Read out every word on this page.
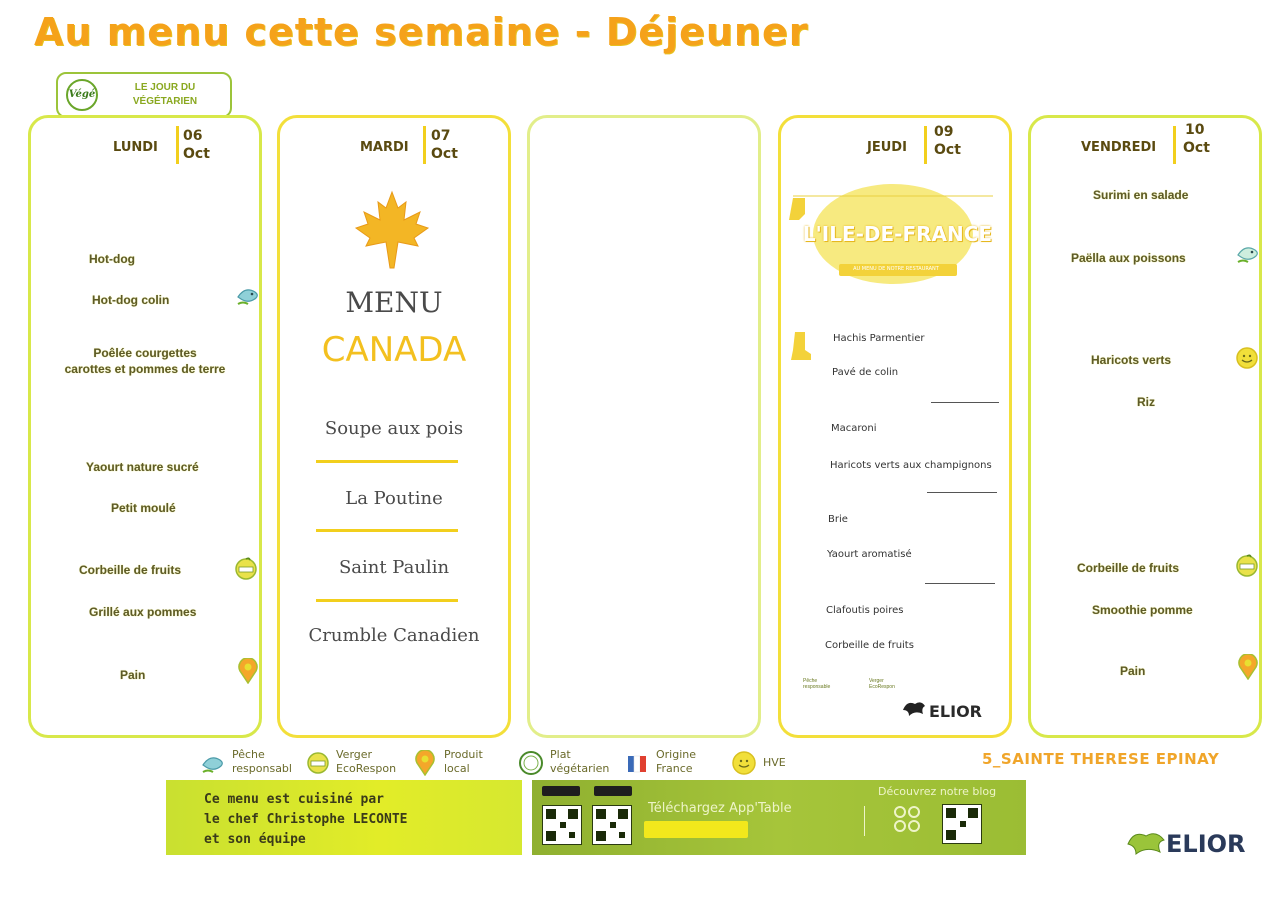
Au menu cette semaine - Déjeuner
Végé
LE JOUR DU
VÉGÉTARIEN
LUNDI
06
Oct
Hot-dog
Hot-dog colin
Poêlée courgettes
carottes et pommes de terre
Yaourt nature sucré
Petit moulé
Corbeille de fruits
Grillé aux pommes
Pain
MARDI
07
Oct
MENU
CANADA
Soupe aux pois
La Poutine
Saint Paulin
Crumble Canadien
JEUDI
09
Oct
L'ILE-DE-FRANCE
AU MENU DE NOTRE RESTAURANT
Hachis Parmentier
Pavé de colin
Macaroni
Haricots verts aux champignons
Brie
Yaourt aromatisé
Clafoutis poires
Corbeille de fruits
Pêche responsable
Verger EcoRespon
ELIOR
VENDREDI
10
Oct
Surimi en salade
Paëlla aux poissons
Haricots verts
Riz
Corbeille de fruits
Smoothie pomme
Pain
Pêche
responsabl
Verger
EcoRespon
Produit
local
Plat
végétarien
Origine
France	HVE	5_SAINTE THERESE EPINAY
Ce menu est cuisiné par
le chef Christophe LECONTE
et son équipe
Téléchargez App'Table
Découvrez notre blog
ELIOR
